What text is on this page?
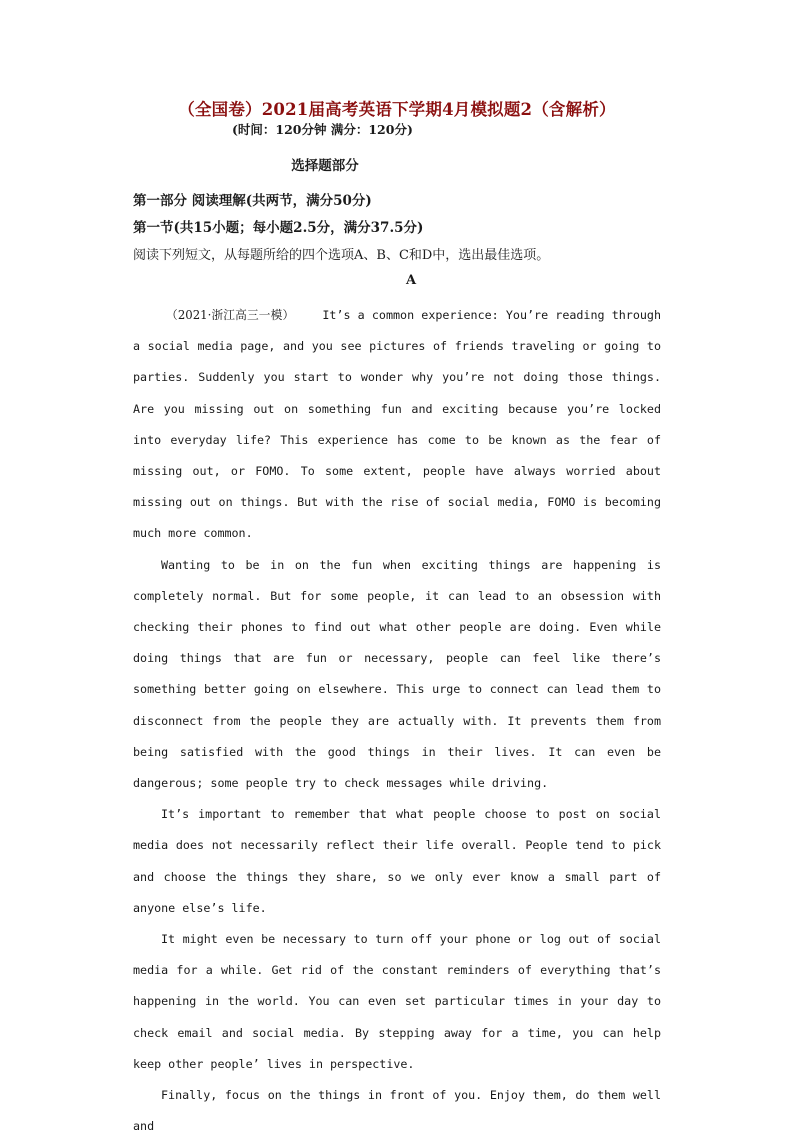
（全国卷）2021届高考英语下学期4月模拟题2（含解析）
(时间：120分钟 满分：120分)
选择题部分
第一部分 阅读理解(共两节，满分50分)
第一节(共15小题；每小题2.5分，满分37.5分)
阅读下列短文，从每题所给的四个选项A、B、C和D中，选出最佳选项。
A

（2021·浙江高三一模） It’s a common experience: You’re reading through a social media page, and you see pictures of friends traveling or going to parties. Suddenly you start to wonder why you’re not doing those things. Are you missing out on something fun and exciting because you’re locked into everyday life? This experience has come to be known as the fear of missing out, or FOMO. To some extent, people have always worried about missing out on things. But with the rise of social media, FOMO is becoming much more common.

Wanting to be in on the fun when exciting things are happening is completely normal. But for some people, it can lead to an obsession with checking their phones to find out what other people are doing. Even while doing things that are fun or necessary, people can feel like there’s something better going on elsewhere. This urge to connect can lead them to disconnect from the people they are actually with. It prevents them from being satisfied with the good things in their lives. It can even be dangerous; some people try to check messages while driving.

It’s important to remember that what people choose to post on social media does not necessarily reflect their life overall. People tend to pick and choose the things they share, so we only ever know a small part of anyone else’s life.

It might even be necessary to turn off your phone or log out of social media for a while. Get rid of the constant reminders of everything that’s happening in the world. You can even set particular times in your day to check email and social media. By stepping away for a time, you can help keep other people’ lives in perspective.

Finally, focus on the things in front of you. Enjoy them, do them well and
